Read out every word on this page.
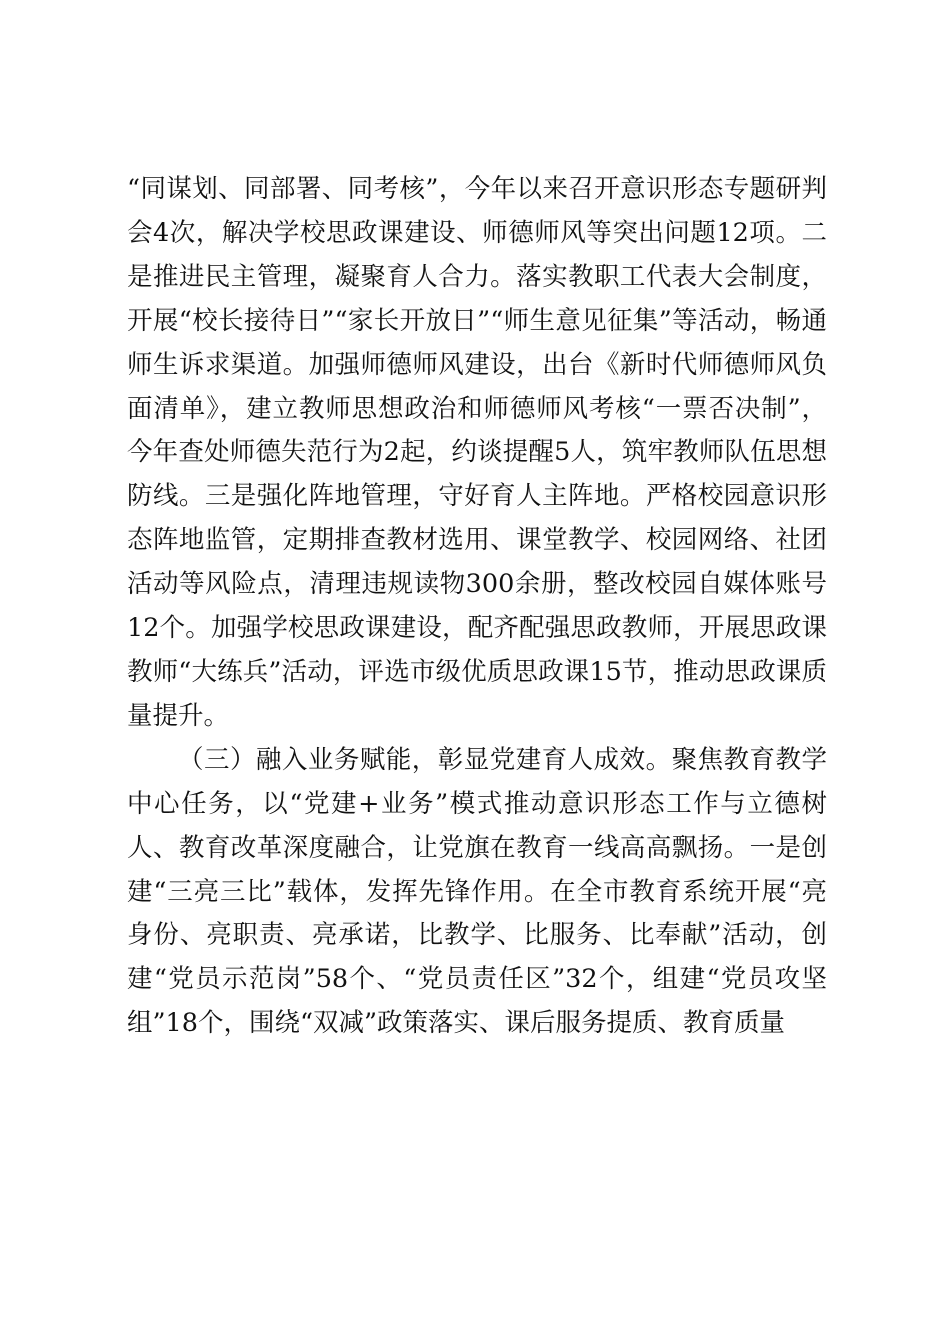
“同谋划、同部署、同考核”，今年以来召开意识形态专题研判会4次，解决学校思政课建设、师德师风等突出问题12项。二是推进民主管理，凝聚育人合力。落实教职工代表大会制度，开展“校长接待日”“家长开放日”“师生意见征集”等活动，畅通师生诉求渠道。加强师德师风建设，出台《新时代师德师风负面清单》，建立教师思想政治和师德师风考核“一票否决制”，今年查处师德失范行为2起，约谈提醒5人，筑牢教师队伍思想防线。三是强化阵地管理，守好育人主阵地。严格校园意识形态阵地监管，定期排查教材选用、课堂教学、校园网络、社团活动等风险点，清理违规读物300余册，整改校园自媒体账号12个。加强学校思政课建设，配齐配强思政教师，开展思政课教师“大练兵”活动，评选市级优质思政课15节，推动思政课质量提升。

（三）融入业务赋能，彰显党建育人成效。聚焦教育教学中心任务，以“党建+业务”模式推动意识形态工作与立德树人、教育改革深度融合，让党旗在教育一线高高飘扬。一是创建“三亮三比”载体，发挥先锋作用。在全市教育系统开展“亮身份、亮职责、亮承诺，比教学、比服务、比奉献”活动，创建“党员示范岗”58个、“党员责任区”32个，组建“党员攻坚组”18个，围绕“双减”政策落实、课后服务提质、教育质量
